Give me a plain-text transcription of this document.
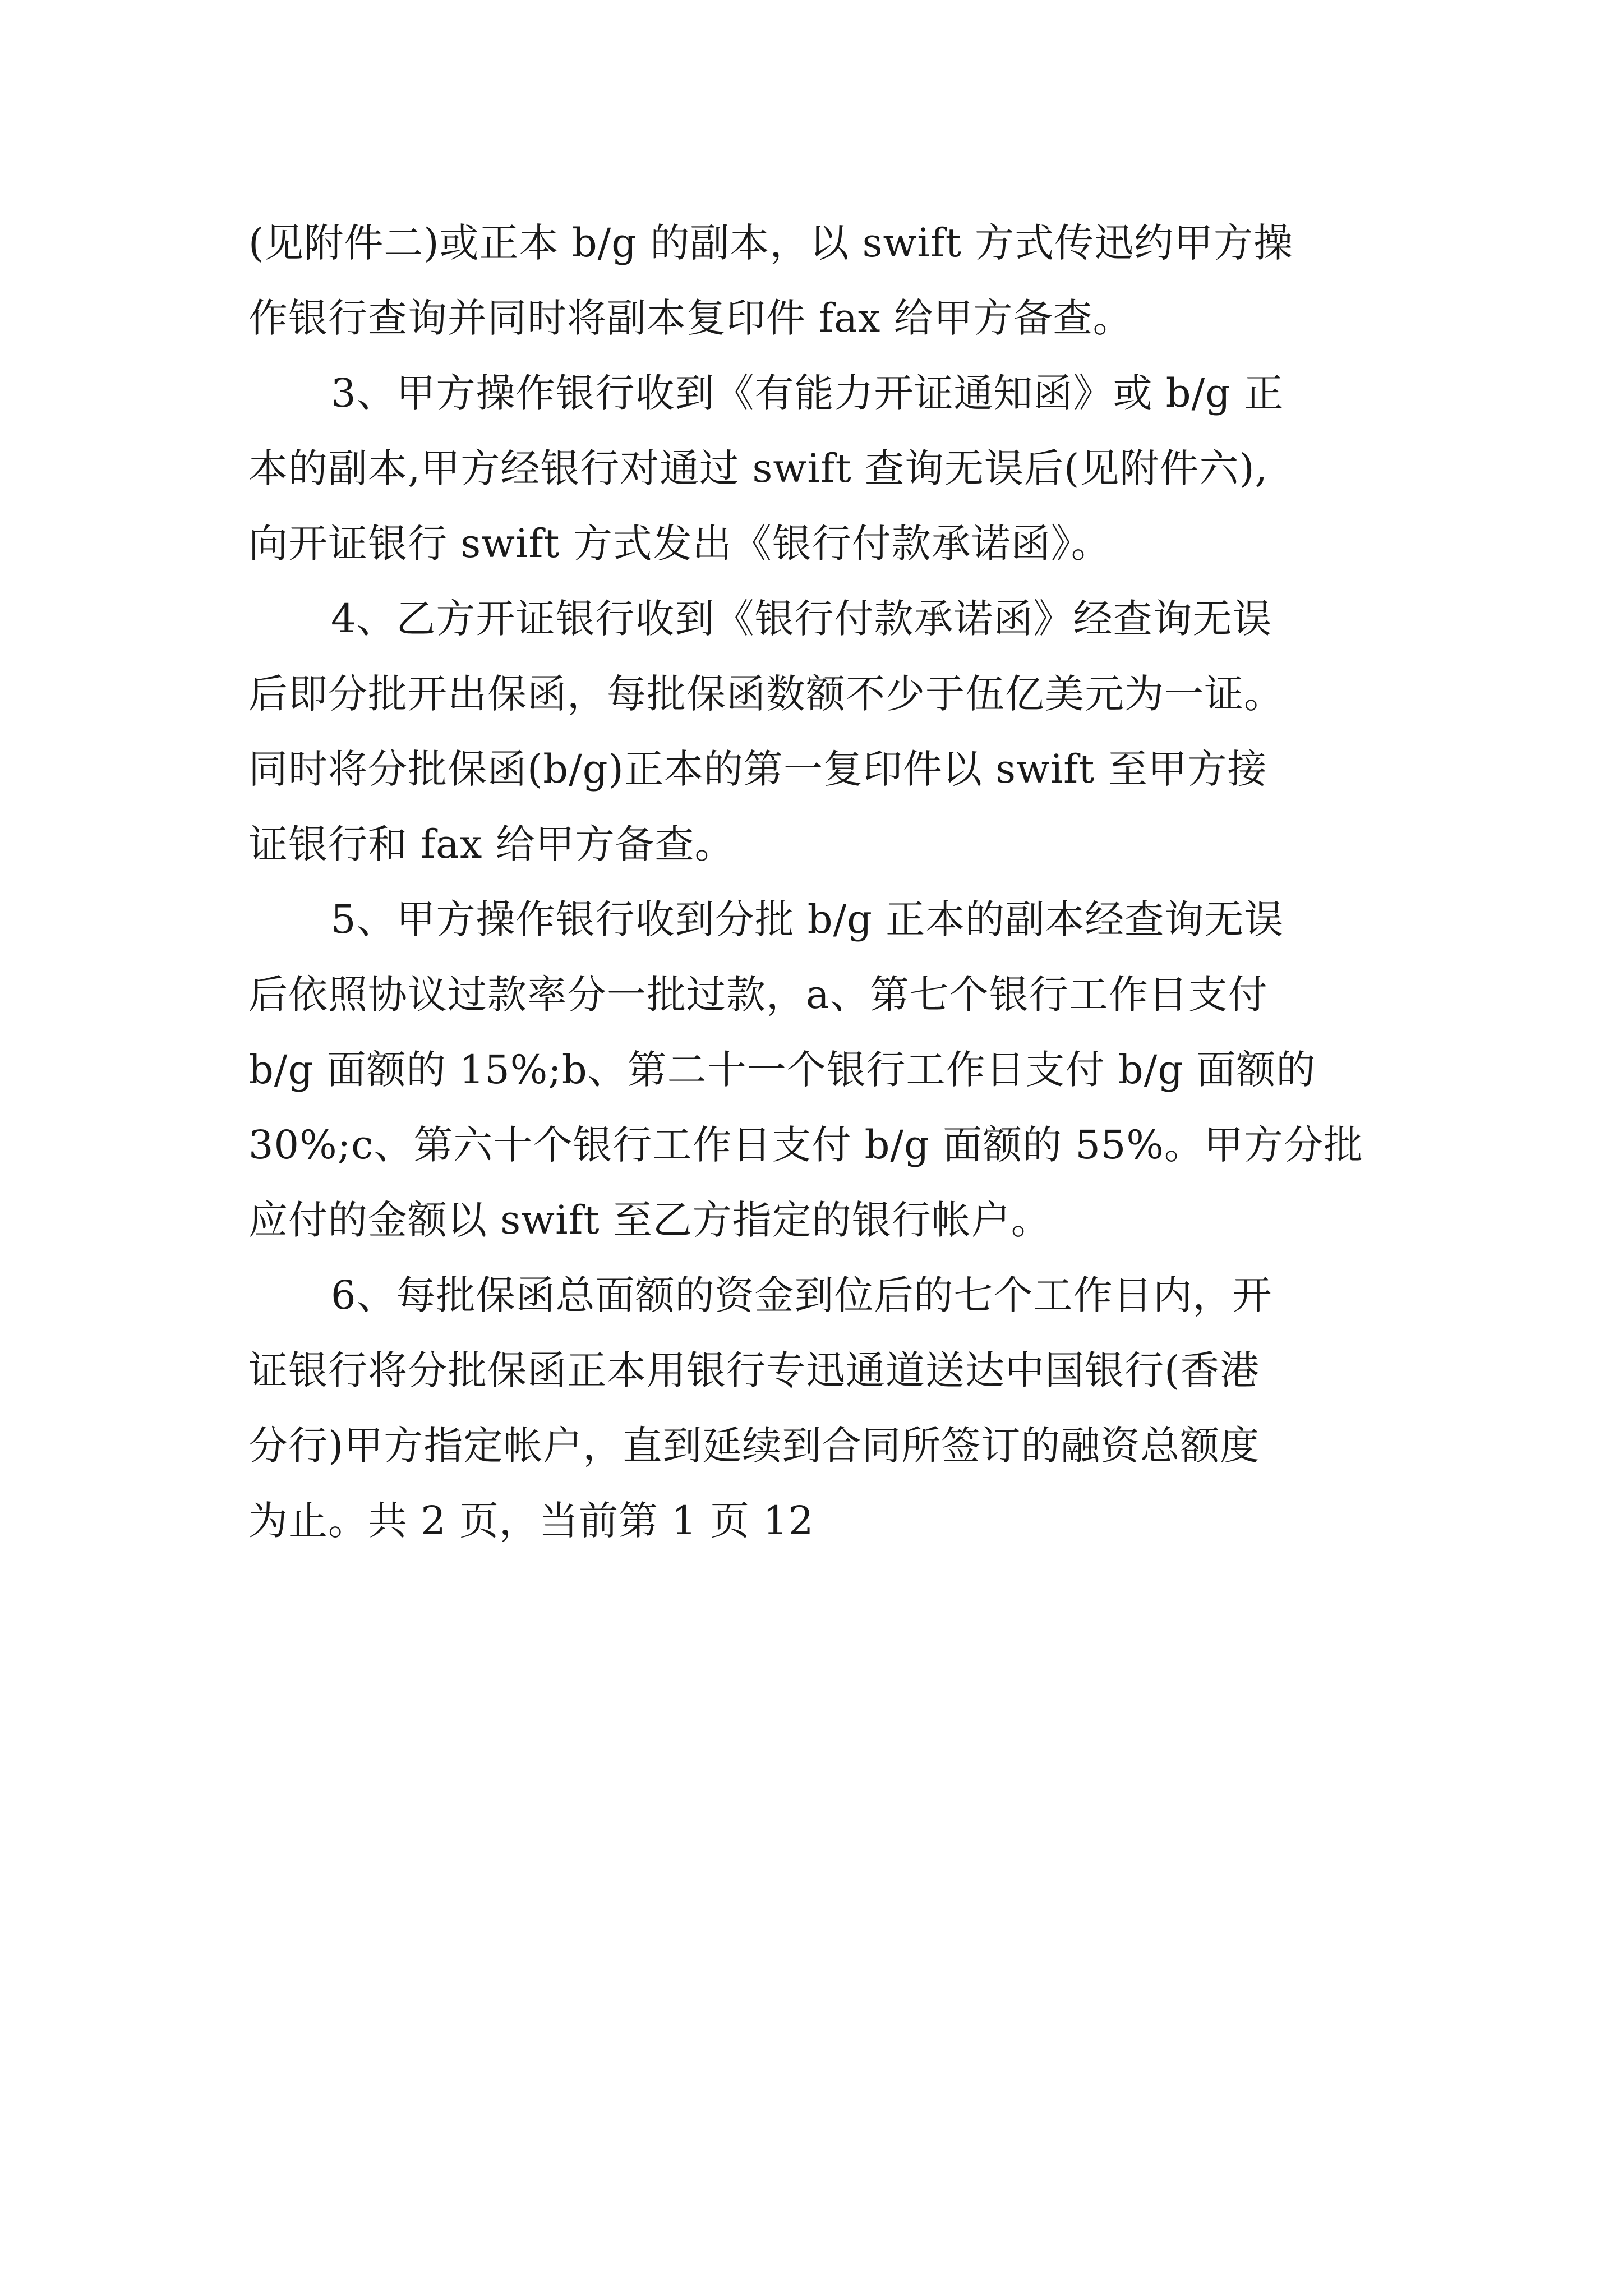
(见附件二)或正本 b/g 的副本，以 swift 方式传迅约甲方操
作银行查询并同时将副本复印件 fax 给甲方备查。
3、甲方操作银行收到《有能力开证通知函》或 b/g 正
本的副本,甲方经银行对通过 swift 查询无误后(见附件六),
向开证银行 swift 方式发出《银行付款承诺函》。
4、乙方开证银行收到《银行付款承诺函》经查询无误
后即分批开出保函，每批保函数额不少于伍亿美元为一证。
同时将分批保函(b/g)正本的第一复印件以 swift 至甲方接
证银行和 fax 给甲方备查。
5、甲方操作银行收到分批 b/g 正本的副本经查询无误
后依照协议过款率分一批过款，a、第七个银行工作日支付
b/g 面额的 15%;b、第二十一个银行工作日支付 b/g 面额的
30%;c、第六十个银行工作日支付 b/g 面额的 55%。甲方分批
应付的金额以 swift 至乙方指定的银行帐户。
6、每批保函总面额的资金到位后的七个工作日内，开
证银行将分批保函正本用银行专迅通道送达中国银行(香港
分行)甲方指定帐户，直到延续到合同所签订的融资总额度
为止。共 2 页，当前第 1 页 12
